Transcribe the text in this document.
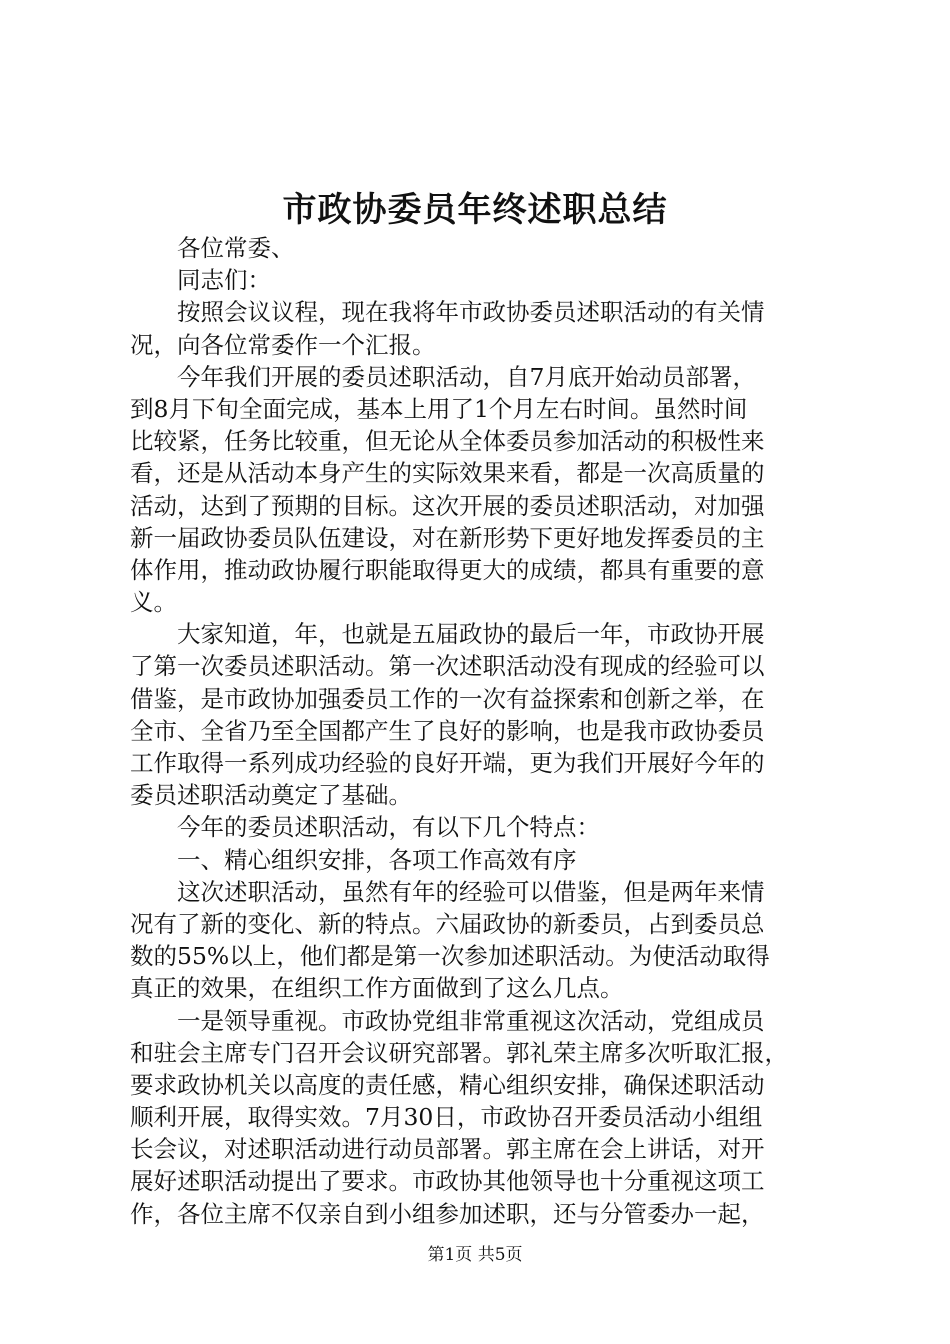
市政协委员年终述职总结
各位常委、
同志们：
按照会议议程，现在我将年市政协委员述职活动的有关情
况，向各位常委作一个汇报。
今年我们开展的委员述职活动，自7月底开始动员部署，
到8月下旬全面完成，基本上用了1个月左右时间。虽然时间
比较紧，任务比较重，但无论从全体委员参加活动的积极性来
看，还是从活动本身产生的实际效果来看，都是一次高质量的
活动，达到了预期的目标。这次开展的委员述职活动，对加强
新一届政协委员队伍建设，对在新形势下更好地发挥委员的主
体作用，推动政协履行职能取得更大的成绩，都具有重要的意
义。
大家知道，年，也就是五届政协的最后一年，市政协开展
了第一次委员述职活动。第一次述职活动没有现成的经验可以
借鉴，是市政协加强委员工作的一次有益探索和创新之举，在
全市、全省乃至全国都产生了良好的影响，也是我市政协委员
工作取得一系列成功经验的良好开端，更为我们开展好今年的
委员述职活动奠定了基础。
今年的委员述职活动，有以下几个特点：
一、精心组织安排，各项工作高效有序
这次述职活动，虽然有年的经验可以借鉴，但是两年来情
况有了新的变化、新的特点。六届政协的新委员，占到委员总
数的55%以上，他们都是第一次参加述职活动。为使活动取得
真正的效果，在组织工作方面做到了这么几点。
一是领导重视。市政协党组非常重视这次活动，党组成员
和驻会主席专门召开会议研究部署。郭礼荣主席多次听取汇报，
要求政协机关以高度的责任感，精心组织安排，确保述职活动
顺利开展，取得实效。7月30日，市政协召开委员活动小组组
长会议，对述职活动进行动员部署。郭主席在会上讲话，对开
展好述职活动提出了要求。市政协其他领导也十分重视这项工
作，各位主席不仅亲自到小组参加述职，还与分管委办一起，
第1页 共5页
